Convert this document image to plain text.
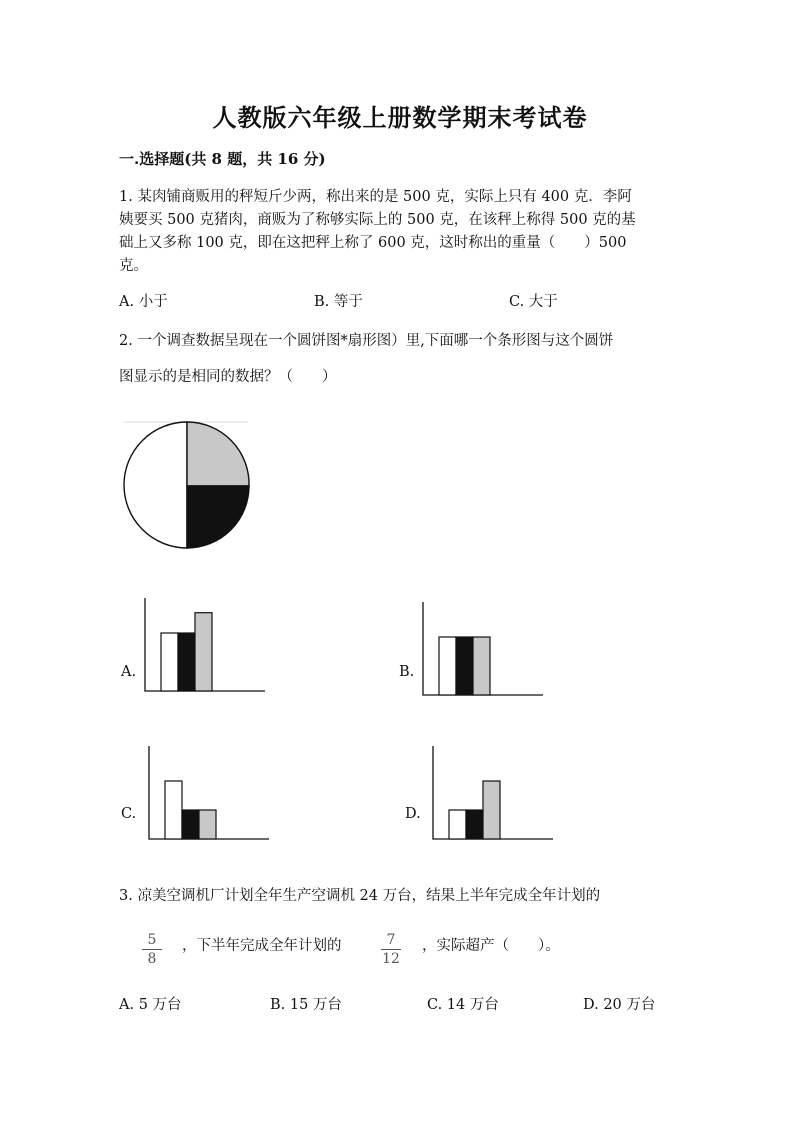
人教版六年级上册数学期末考试卷
一.选择题(共 8 题，共 16 分)
1. 某肉铺商贩用的秤短斤少两，称出来的是 500 克，实际上只有 400 克．李阿
姨要买 500 克猪肉，商贩为了称够实际上的 500 克，在该秤上称得 500 克的基
础上又多称 100 克，即在这把秤上称了 600 克，这时称出的重量（　　）500
克。
A. 小于	B. 等于	C. 大于
2. 一个调查数据呈现在一个圆饼图*扇形图）里,下面哪一个条形图与这个圆饼
图显示的是相同的数据？（　　）
A.	B.
C.	D.
3. 凉美空调机厂计划全年生产空调机 24 万台，结果上半年完成全年计划的
$\frac{5}{8}$ ，下半年完成全年计划的	$\frac{7}{12}$ ，实际超产（　　）。
A. 5 万台	B. 15 万台	C. 14 万台	D. 20 万台
